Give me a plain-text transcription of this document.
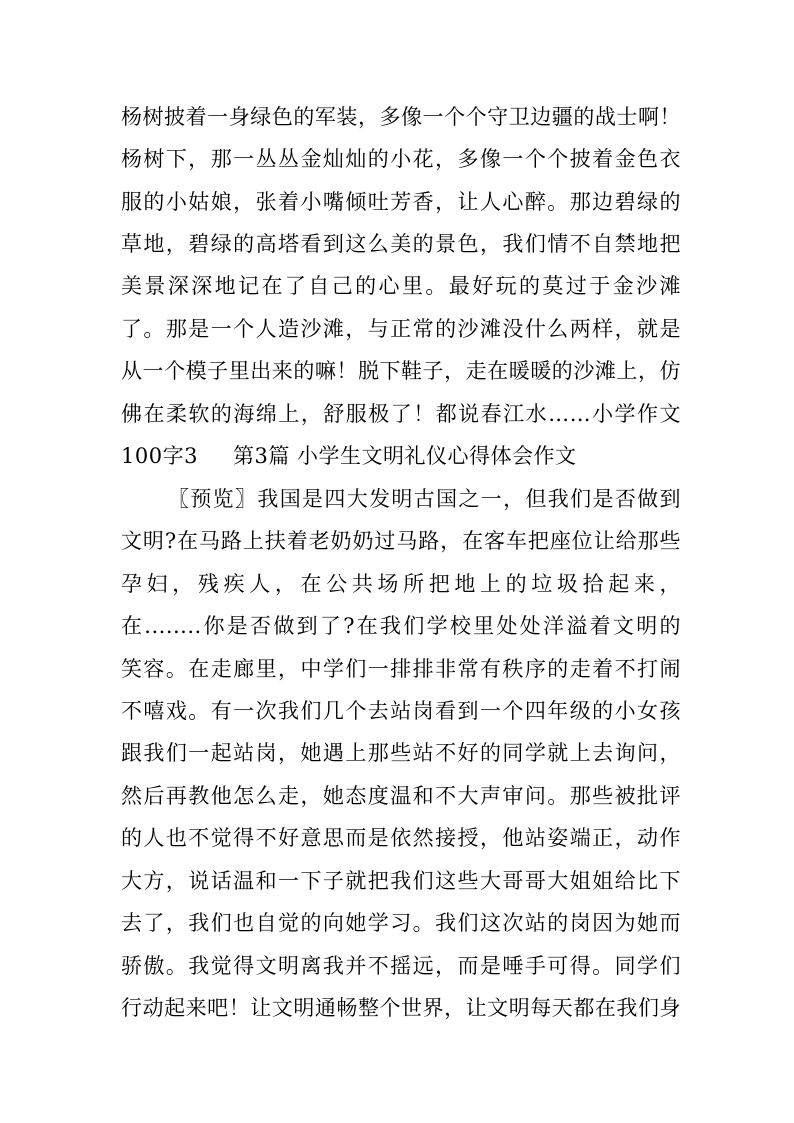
杨树披着一身绿色的军装，多像一个个守卫边疆的战士啊！
杨树下，那一丛丛金灿灿的小花，多像一个个披着金色衣
服的小姑娘，张着小嘴倾吐芳香，让人心醉。那边碧绿的
草地，碧绿的高塔看到这么美的景色，我们情不自禁地把
美景深深地记在了自己的心里。最好玩的莫过于金沙滩
了。那是一个人造沙滩，与正常的沙滩没什么两样，就是
从一个模子里出来的嘛！脱下鞋子，走在暖暖的沙滩上，仿
佛在柔软的海绵上，舒服极了！都说春江水……小学作文
100字3 第3篇 小学生文明礼仪心得体会作文
〖预览〗我国是四大发明古国之一，但我们是否做到
文明?在马路上扶着老奶奶过马路，在客车把座位让给那些
孕妇，残疾人，在公共场所把地上的垃圾拾起来，
在........你是否做到了?在我们学校里处处洋溢着文明的
笑容。在走廊里，中学们一排排非常有秩序的走着不打闹
不嘻戏。有一次我们几个去站岗看到一个四年级的小女孩
跟我们一起站岗，她遇上那些站不好的同学就上去询问，
然后再教他怎么走，她态度温和不大声审问。那些被批评
的人也不觉得不好意思而是依然接授，他站姿端正，动作
大方，说话温和一下子就把我们这些大哥哥大姐姐给比下
去了，我们也自觉的向她学习。我们这次站的岗因为她而
骄傲。我觉得文明离我并不摇远，而是唾手可得。同学们
行动起来吧！让文明通畅整个世界，让文明每天都在我们身
